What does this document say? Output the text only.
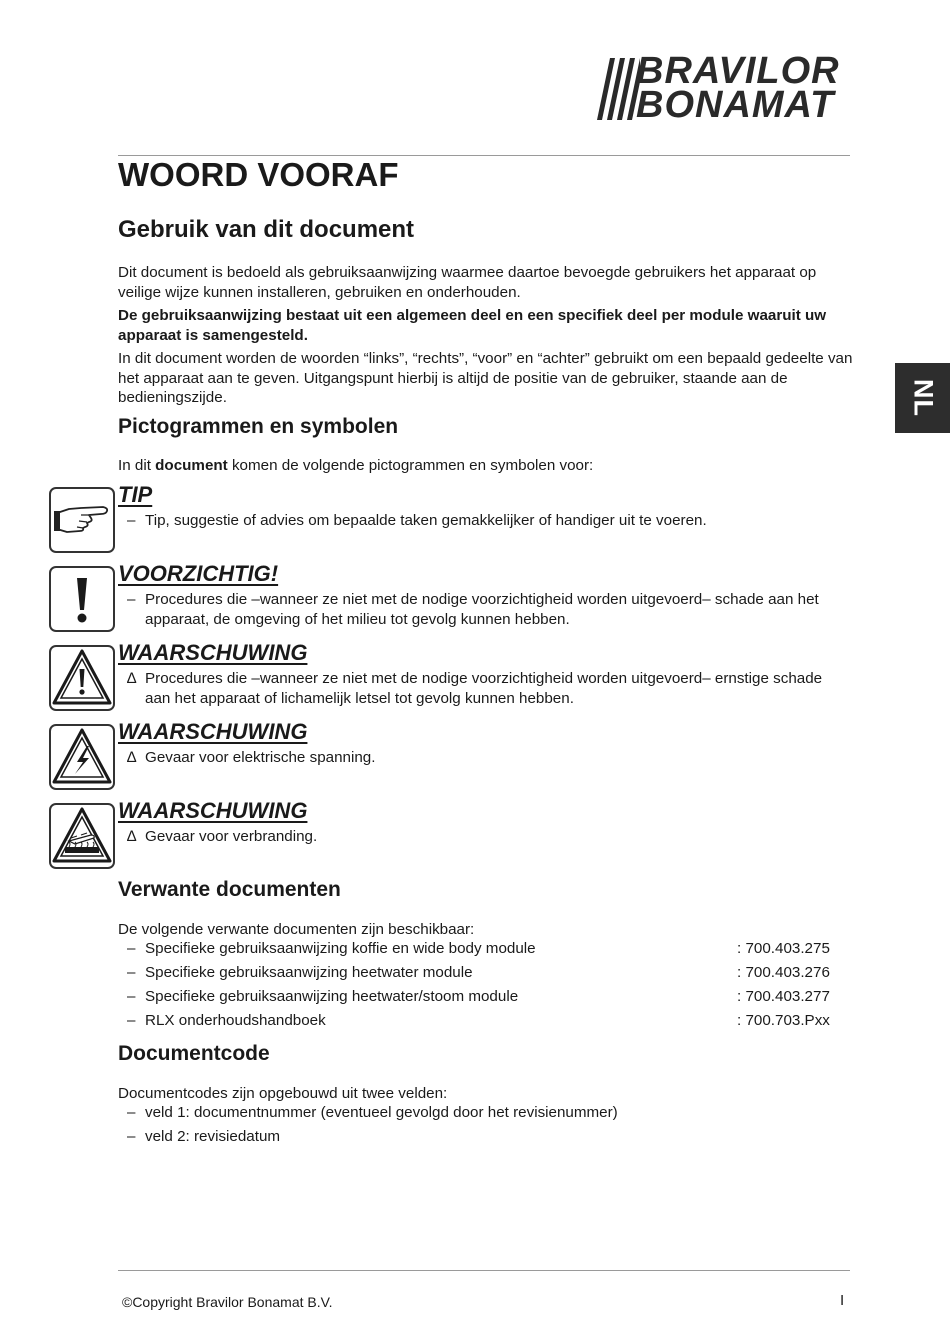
BRAVILOR
BONAMAT
WOORD VOORAF
NL
Gebruik van dit document

Dit document is bedoeld als gebruiksaanwijzing waarmee daartoe bevoegde gebruikers het apparaat op veilige wijze kunnen installeren, gebruiken en onderhouden.

De gebruiksaanwijzing bestaat uit een algemeen deel en een specifiek deel per module waaruit uw apparaat is samengesteld.

In dit document worden de woorden “links”, “rechts”, “voor” en “achter” gebruikt om een bepaald gedeelte van het apparaat aan te geven. Uitgangspunt hierbij is altijd de positie van de gebruiker, staande aan de bedieningszijde.

Pictogrammen en symbolen

In dit document komen de volgende pictogrammen en symbolen voor:

TIP
– Tip, suggestie of advies om bepaalde taken gemakkelijker of handiger uit te voeren.
VOORZICHTIG!
– Procedures die –wanneer ze niet met de nodige voorzichtigheid worden uitgevoerd– schade aan het apparaat, de omgeving of het milieu tot gevolg kunnen hebben.
WAARSCHUWING
∆ Procedures die –wanneer ze niet met de nodige voorzichtigheid worden uitgevoerd– ernstige schade aan het apparaat of lichamelijk letsel tot gevolg kunnen hebben.
WAARSCHUWING
∆ Gevaar voor elektrische spanning.
WAARSCHUWING
∆ Gevaar voor verbranding.
Verwante documenten

De volgende verwante documenten zijn beschikbaar:

– Specifieke gebruiksaanwijzing koffie en wide body module	: 700.403.275
– Specifieke gebruiksaanwijzing heetwater module	: 700.403.276
– Specifieke gebruiksaanwijzing heetwater/stoom module	: 700.403.277
– RLX onderhoudshandboek	: 700.703.Pxx
Documentcode

Documentcodes zijn opgebouwd uit twee velden:

– veld 1: documentnummer (eventueel gevolgd door het revisienummer)
– veld 2: revisiedatum
©Copyright Bravilor Bonamat B.V.	I
